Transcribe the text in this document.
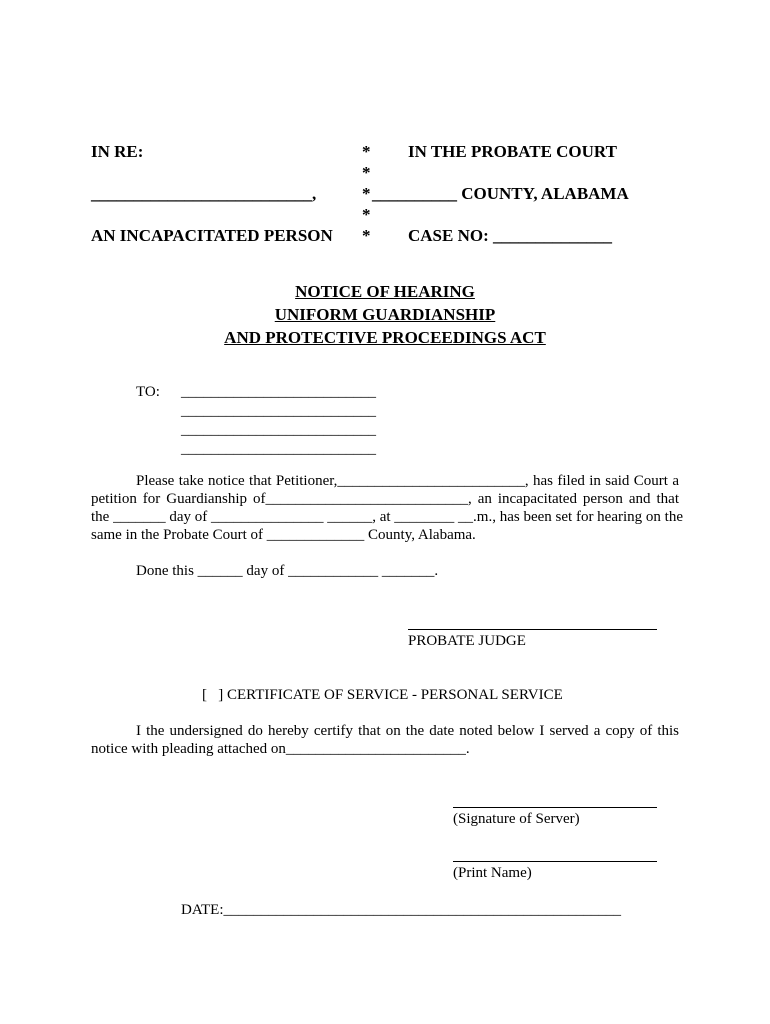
IN RE:
__________________________,
AN INCAPACITATED PERSON
*
*
*
*
*
IN THE PROBATE COURT
__________ COUNTY, ALABAMA
CASE NO: ______________
NOTICE OF HEARING
UNIFORM GUARDIANSHIP
AND PROTECTIVE PROCEEDINGS ACT
TO: __________________________
__________________________
__________________________
__________________________
Please take notice that Petitioner,_________________________, has filed in said Court a
petition for Guardianship of___________________________, an incapacitated person and that
the _______ day of _______________ ______, at ________ __.m., has been set for hearing on the
same in the Probate Court of _____________ County, Alabama.
Done this ______ day of ____________ _______.
PROBATE JUDGE
[   ] CERTIFICATE OF SERVICE - PERSONAL SERVICE
I the undersigned do hereby certify that on the date noted below I served a copy of this
notice with pleading attached on________________________.
(Signature of Server)
(Print Name)
DATE:_____________________________________________________
